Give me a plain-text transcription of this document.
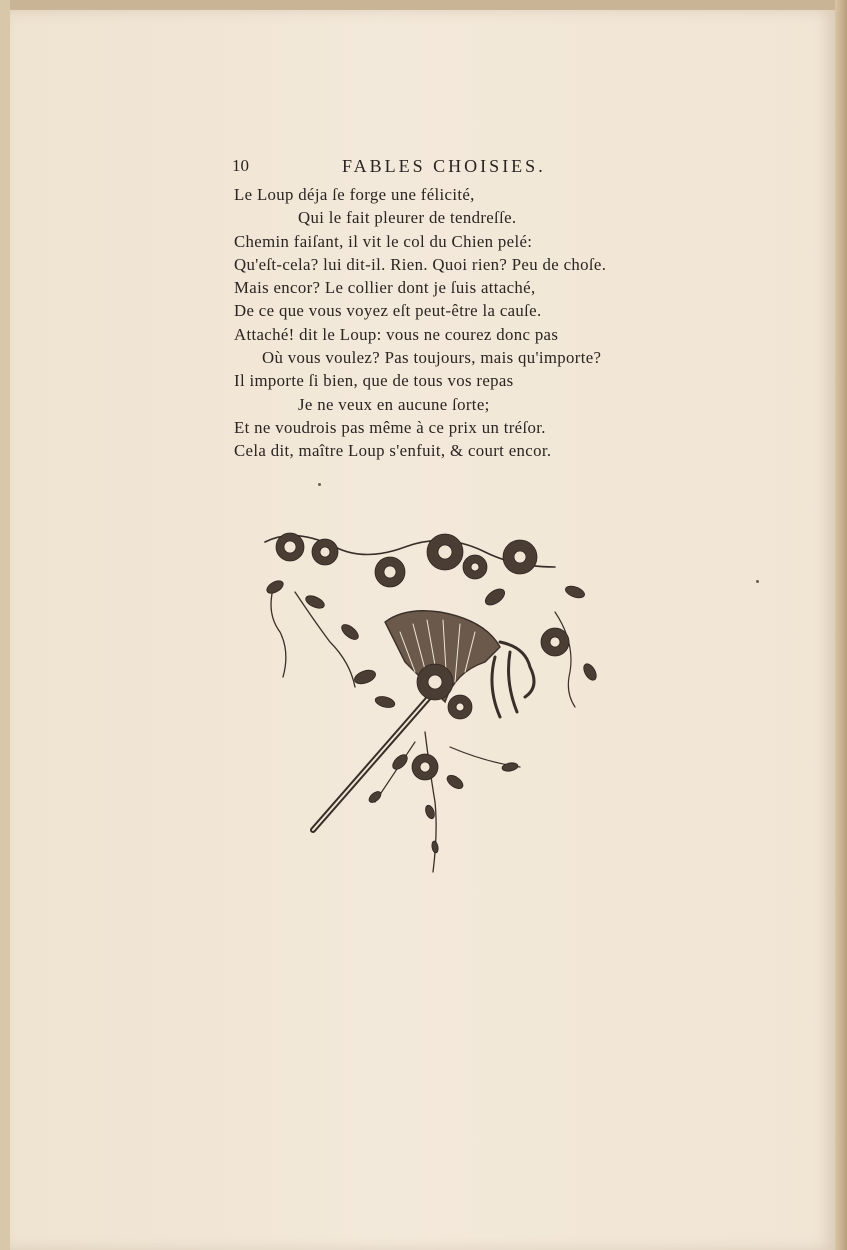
10	FABLES CHOISIES.
Le Loup déja ſe forge une félicité,
Qui le fait pleurer de tendreſſe.
Chemin faiſant, il vit le col du Chien pelé:
Qu'eſt-cela? lui dit-il. Rien. Quoi rien? Peu de choſe.
Mais encor? Le collier dont je ſuis attaché,
De ce que vous voyez eſt peut-être la cauſe.
Attaché! dit le Loup: vous ne courez donc pas
Où vous voulez? Pas toujours, mais qu'importe?
Il importe ſi bien, que de tous vos repas
Je ne veux en aucune ſorte;
Et ne voudrois pas même à ce prix un tréſor.
Cela dit, maître Loup s'enfuit, & court encor.
